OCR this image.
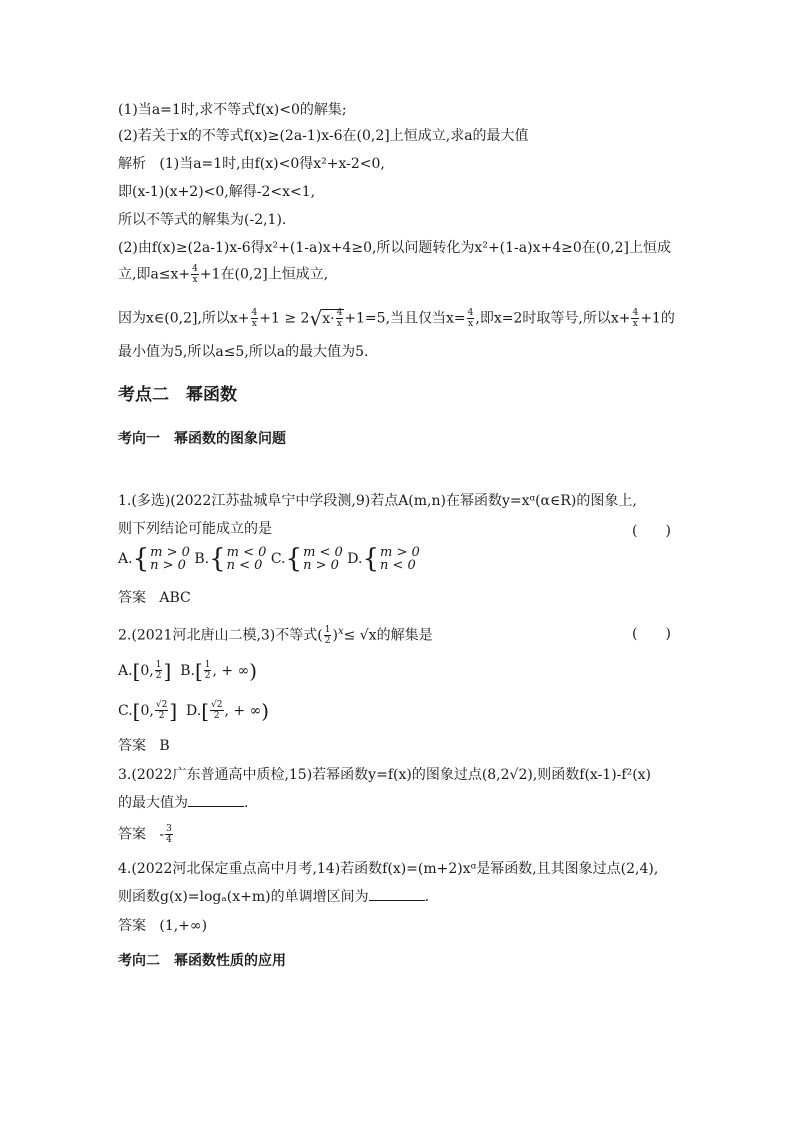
(1)当a=1时,求不等式f(x)<0的解集;
(2)若关于x的不等式f(x)≥(2a-1)x-6在(0,2]上恒成立,求a的最大值
解析 (1)当a=1时,由f(x)<0得x²+x-2<0,
即(x-1)(x+2)<0,解得-2<x<1,
所以不等式的解集为(-2,1).
(2)由f(x)≥(2a-1)x-6得x²+(1-a)x+4≥0,所以问题转化为x²+(1-a)x+4≥0在(0,2]上恒成
立,即$a\le x+ \frac{4}{x} +1$在(0,2]上恒成立,
因为x∈(0,2],所以$x+ \frac{4}{x} +1 \ge 2√x\cdot \frac{4}{x} +1=5$,当且仅当$x= \frac{4}{x}$ ,即x=2时取等号,所以$x+ \frac{4}{x} +1$的
最小值为5,所以a≤5,所以a的最大值为5.
考点二　幂函数
考向一　幂函数的图象问题
1.(多选)(2022江苏盐城阜宁中学段测,9)若点A(m,n)在幂函数y=xᵅ(α∈R)的图象上,
则下列结论可能成立的是	(　　)
A.{m > 0
n > 0 B.{m < 0
n < 0 C.{m < 0
n > 0 D.{m > 0
n < 0
答案 ABC
2.(2021河北唐山二模,3)不等式( $\frac{1}{2} )^x\le √x$的解集是	(　　)
A.[0, $\frac{1}{2}$ ] $B.[ \frac{1}{2}$ , + ∞)
C.[0, $\frac{√2}{2}$ ] $D.[ \frac{√2}{2}$ , + ∞)
答案 B
3.(2022广东普通高中质检,15)若幂函数y=f(x)的图象过点(8,2√2),则函数f(x-1)-f²(x)
的最大值为	.
答案 - $\frac{3}{4}$
4.(2022河北保定重点高中月考,14)若函数f(x)=(m+2)xᵅ是幂函数,且其图象过点(2,4),
则函数g(x)=logₐ(x+m)的单调增区间为	.
答案 (1,+∞)
考向二　幂函数性质的应用
